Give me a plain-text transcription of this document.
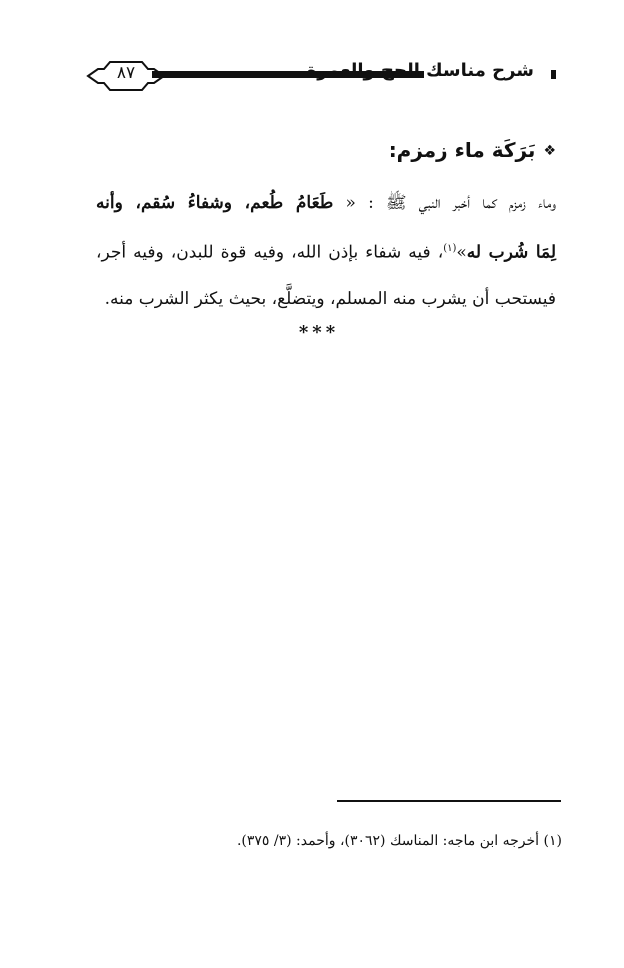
٨٧	شرح مناسك الحج والعمرة
❖بَرَكَة ماء زمزم:

وماء زمزم كما أخبر النبي ﷺ : « طَعَامُ طُعم، وشفاءُ سُقم، وأنه
لِمَا شُرب له»$^{(١)}$، فيه شفاء بإذن الله، وفيه قوة للبدن، وفيه أجر،
فيستحب أن يشرب منه المسلم، ويتضلَّع، بحيث يكثر الشرب منه.

***
(١) أخرجه ابن ماجه: المناسك (٣٠٦٢)، وأحمد: (٣/ ٣٧٥).
